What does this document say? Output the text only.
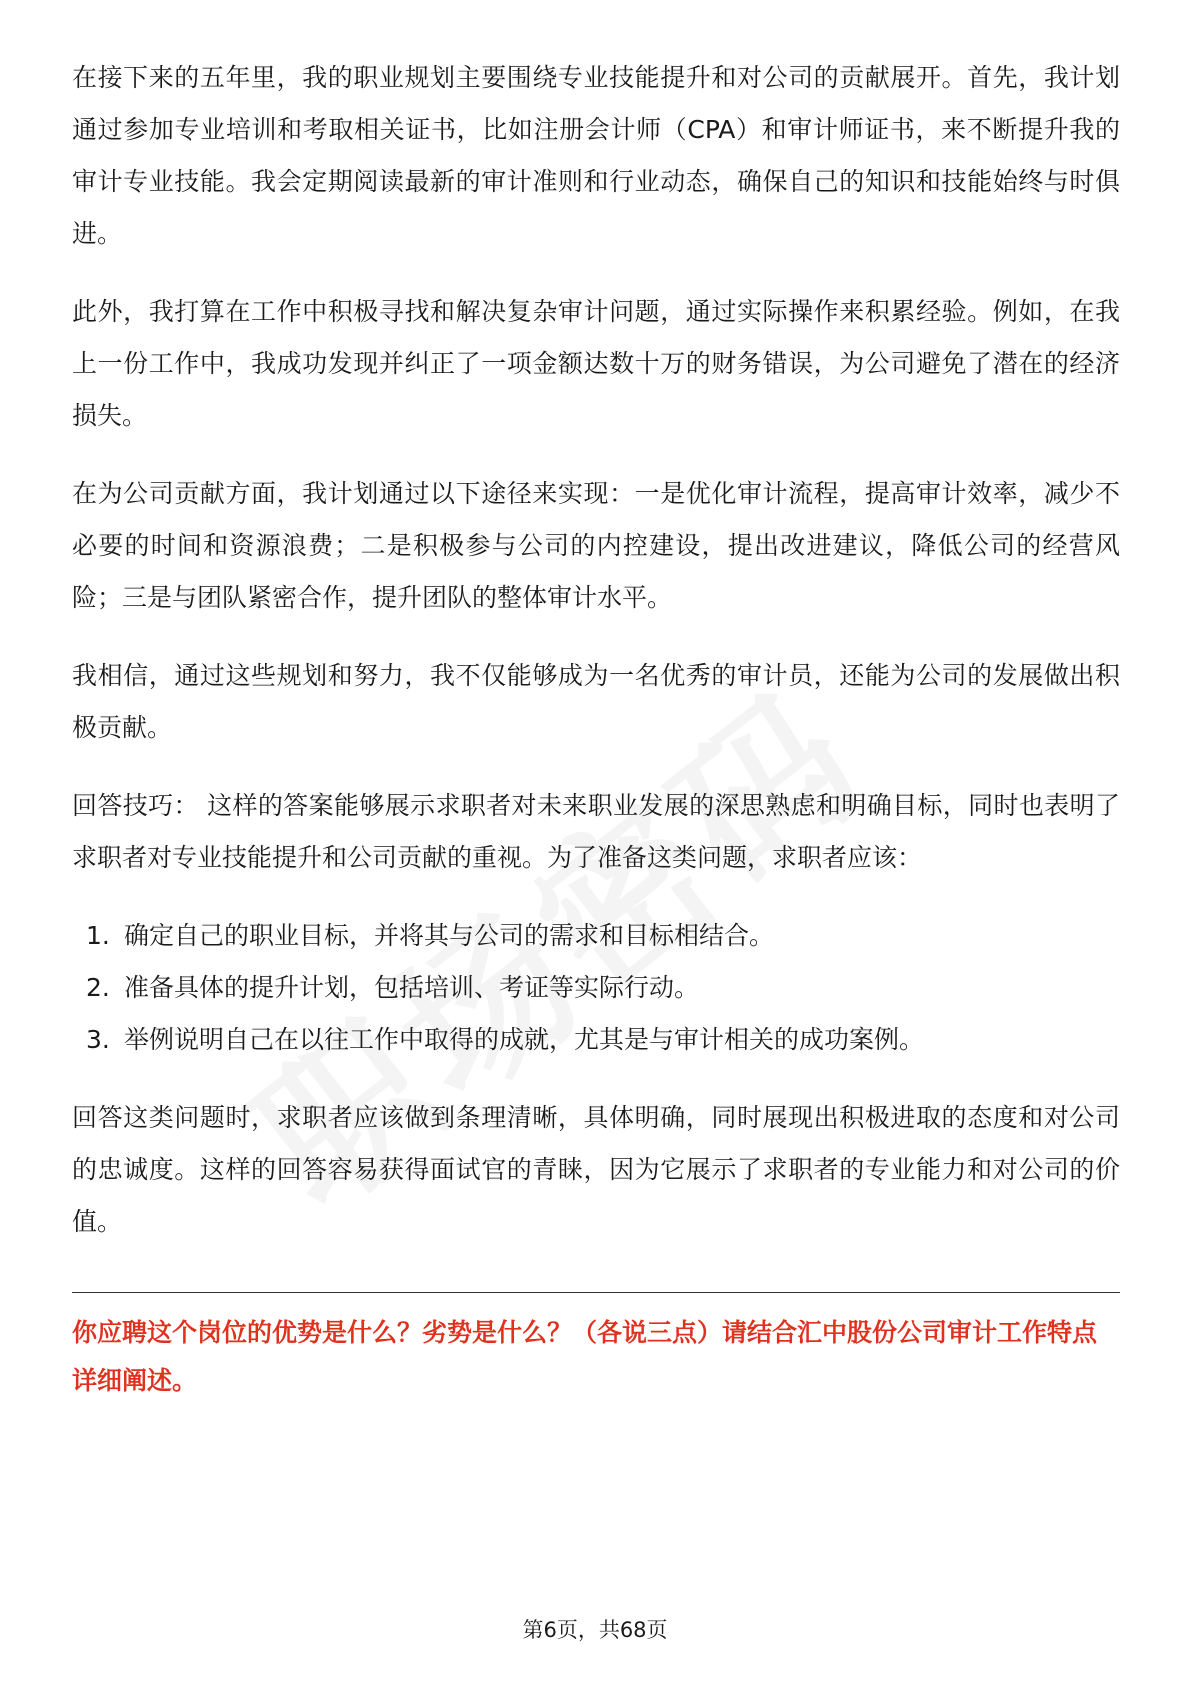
在接下来的五年里，我的职业规划主要围绕专业技能提升和对公司的贡献展开。首先，我计划通过参加专业培训和考取相关证书，比如注册会计师（CPA）和审计师证书，来不断提升我的审计专业技能。我会定期阅读最新的审计准则和行业动态，确保自己的知识和技能始终与时俱进。

此外，我打算在工作中积极寻找和解决复杂审计问题，通过实际操作来积累经验。例如，在我上一份工作中，我成功发现并纠正了一项金额达数十万的财务错误，为公司避免了潜在的经济损失。

在为公司贡献方面，我计划通过以下途径来实现：一是优化审计流程，提高审计效率，减少不必要的时间和资源浪费；二是积极参与公司的内控建设，提出改进建议，降低公司的经营风险；三是与团队紧密合作，提升团队的整体审计水平。

我相信，通过这些规划和努力，我不仅能够成为一名优秀的审计员，还能为公司的发展做出积极贡献。

回答技巧： 这样的答案能够展示求职者对未来职业发展的深思熟虑和明确目标，同时也表明了求职者对专业技能提升和公司贡献的重视。为了准备这类问题，求职者应该：

1. 确定自己的职业目标，并将其与公司的需求和目标相结合。
2. 准备具体的提升计划，包括培训、考证等实际行动。
3. 举例说明自己在以往工作中取得的成就，尤其是与审计相关的成功案例。

回答这类问题时，求职者应该做到条理清晰，具体明确，同时展现出积极进取的态度和对公司的忠诚度。这样的回答容易获得面试官的青睐，因为它展示了求职者的专业能力和对公司的价值。

你应聘这个岗位的优势是什么？劣势是什么？（各说三点）请结合汇中股份公司审计工作特点详细阐述。

第6页，共68页
